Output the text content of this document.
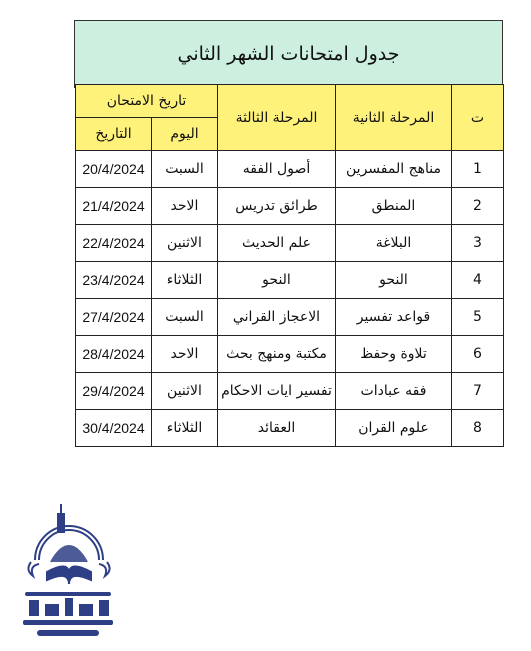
جدول امتحانات الشهر الثاني
ت	المرحلة الثانية	المرحلة الثالثة	تاريخ الامتحان	
			اليوم	التاريخ
1	مناهج المفسرين	أصول الفقه	السبت	20/4/2024
2	المنطق	طرائق تدريس	الاحد	21/4/2024
3	البلاغة	علم الحديث	الاثنين	22/4/2024
4	النحو	النحو	الثلاثاء	23/4/2024
5	قواعد تفسير	الاعجاز القراني	السبت	27/4/2024
6	تلاوة وحفظ	مكتبة ومنهج بحث	الاحد	28/4/2024
7	فقه عبادات	تفسير ايات الاحكام	الاثنين	29/4/2024
8	علوم القران	العقائد	الثلاثاء	30/4/2024
